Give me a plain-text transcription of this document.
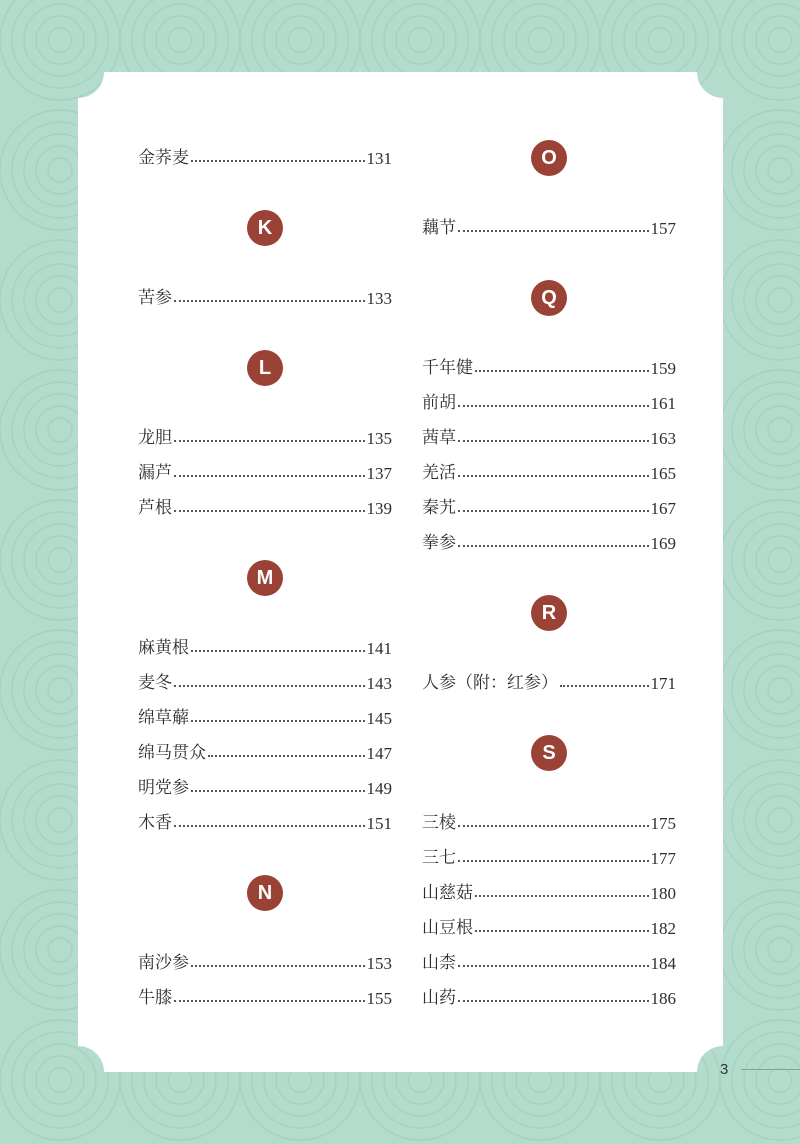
金荞麦	131
K
苦参	133
L
龙胆	135
漏芦	137
芦根	139
M
麻黄根	141
麦冬	143
绵草薢	145
绵马贯众	147
明党参	149
木香	151
N
南沙参	153
牛膝	155
O
藕节	157
Q
千年健	159
前胡	161
茜草	163
羌活	165
秦艽	167
拳参	169
R
人参（附：红参）	171
S
三棱	175
三七	177
山慈菇	180
山豆根	182
山柰	184
山药	186
3
